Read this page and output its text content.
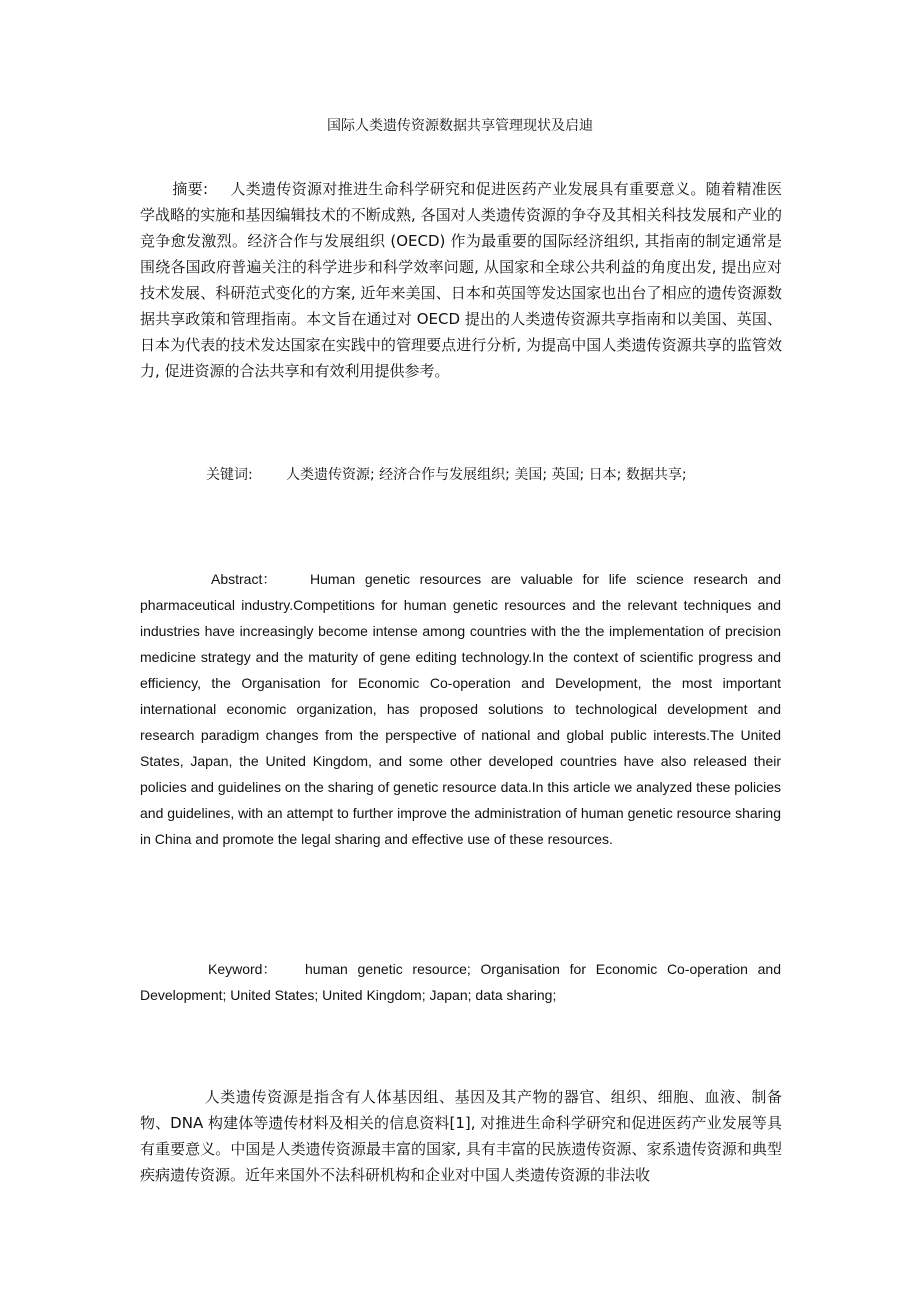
国际人类遗传资源数据共享管理现状及启迪
摘要: 人类遗传资源对推进生命科学研究和促进医药产业发展具有重要意义。随着精准医学战略的实施和基因编辑技术的不断成熟, 各国对人类遗传资源的争夺及其相关科技发展和产业的竞争愈发激烈。经济合作与发展组织 (OECD) 作为最重要的国际经济组织, 其指南的制定通常是围绕各国政府普遍关注的科学进步和科学效率问题, 从国家和全球公共利益的角度出发, 提出应对技术发展、科研范式变化的方案, 近年来美国、日本和英国等发达国家也出台了相应的遗传资源数据共享政策和管理指南。本文旨在通过对 OECD 提出的人类遗传资源共享指南和以美国、英国、日本为代表的技术发达国家在实践中的管理要点进行分析, 为提高中国人类遗传资源共享的监管效力, 促进资源的合法共享和有效利用提供参考。
关键词: 人类遗传资源; 经济合作与发展组织; 美国; 英国; 日本; 数据共享;
Abstract： Human genetic resources are valuable for life science research and pharmaceutical industry.Competitions for human genetic resources and the relevant techniques and industries have increasingly become intense among countries with the the implementation of precision medicine strategy and the maturity of gene editing technology.In the context of scientific progress and efficiency, the Organisation for Economic Co-operation and Development, the most important international economic organization, has proposed solutions to technological development and research paradigm changes from the perspective of national and global public interests.The United States, Japan, the United Kingdom, and some other developed countries have also released their policies and guidelines on the sharing of genetic resource data.In this article we analyzed these policies and guidelines, with an attempt to further improve the administration of human genetic resource sharing in China and promote the legal sharing and effective use of these resources.
Keyword： human genetic resource; Organisation for Economic Co-operation and Development; United States; United Kingdom; Japan; data sharing;
人类遗传资源是指含有人体基因组、基因及其产物的器官、组织、细胞、血液、制备物、DNA 构建体等遗传材料及相关的信息资料[1], 对推进生命科学研究和促进医药产业发展等具有重要意义。中国是人类遗传资源最丰富的国家, 具有丰富的民族遗传资源、家系遗传资源和典型疾病遗传资源。近年来国外不法科研机构和企业对中国人类遗传资源的非法收
